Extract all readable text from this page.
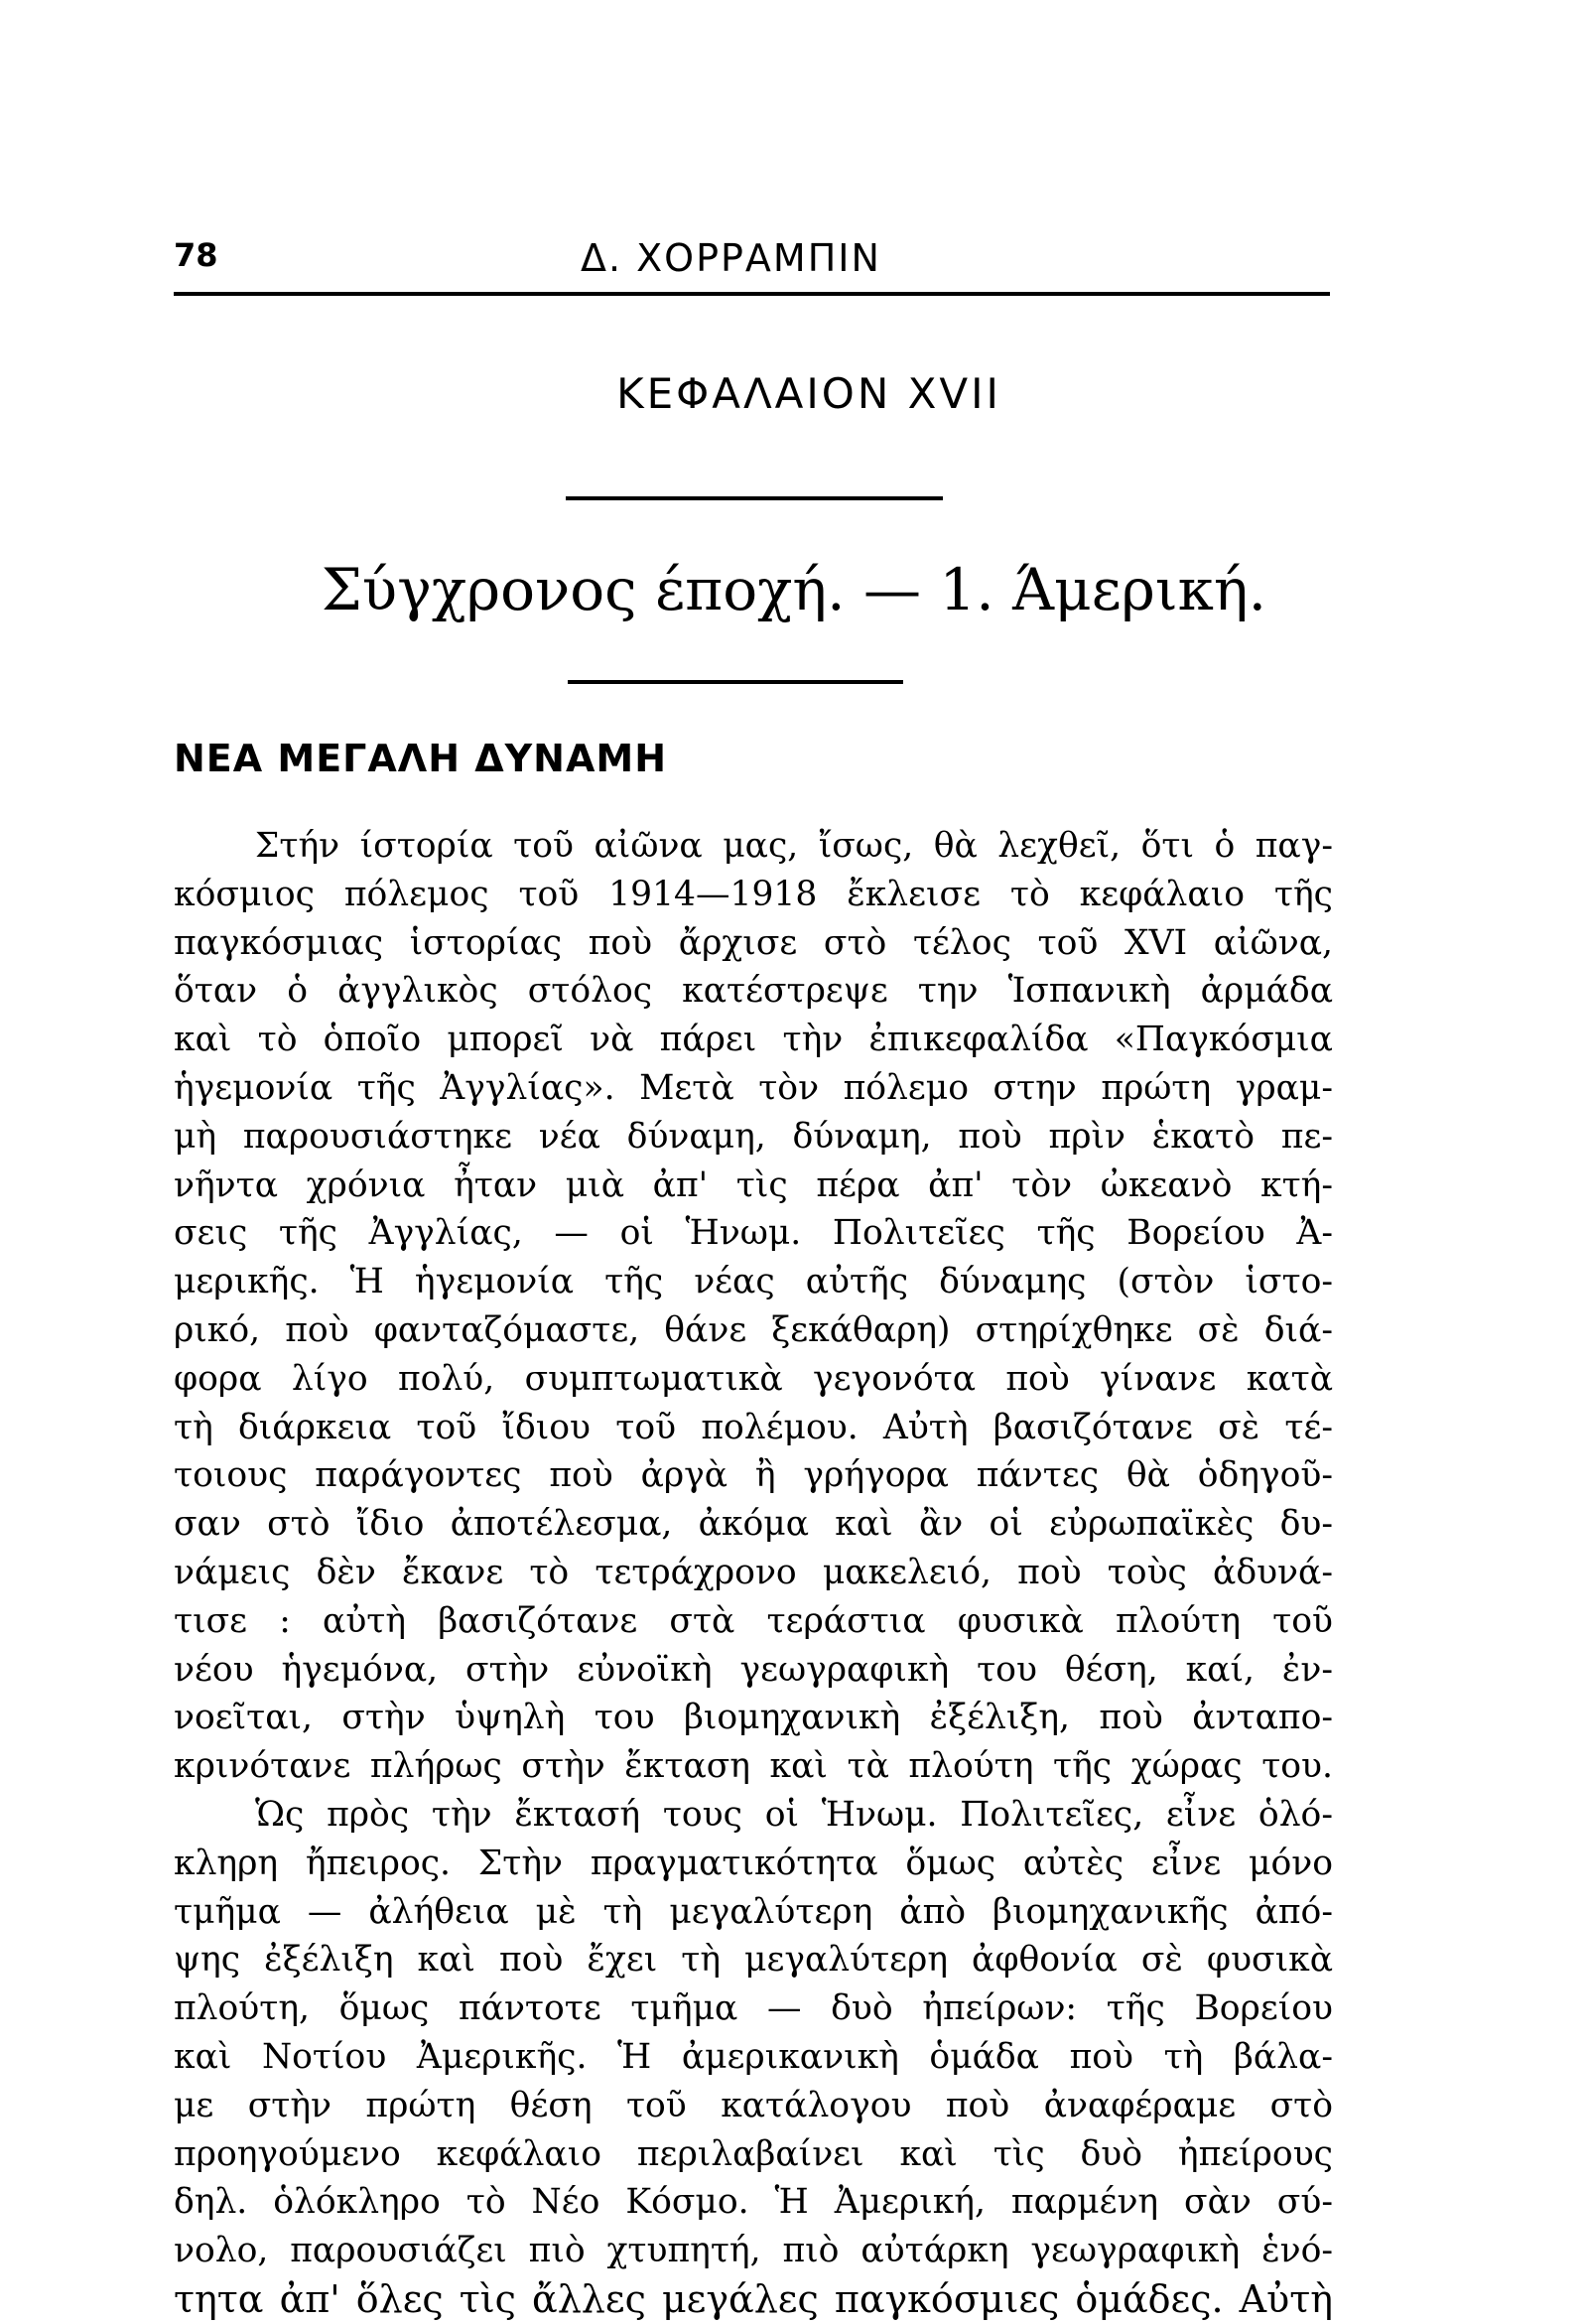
78	Δ. ΧΟΡΡΑΜΠΙΝ
ΚΕΦΑΛΑΙΟΝ ΧVΙΙ
Σύγχρονος έποχή. — 1. Άμερική.
ΝΕΑ ΜΕΓΑΛΗ ΔΥΝΑΜΗ
Στήν ίστορία τοῦ αἰῶνα μας, ἴσως, θὰ λεχθεῖ, ὅτι ὁ παγ-
κόσμιος πόλεμος τοῦ 1914—1918 ἔκλεισε τὸ κεφάλαιο τῆς
παγκόσμιας ἱστορίας ποὺ ἄρχισε στὸ τέλος τοῦ XVI αἰῶνα,
ὅταν ὁ ἀγγλικὸς στόλος κατέστρεψε την Ἱσπανικὴ ἀρμάδα
καὶ τὸ ὁποῖο μπορεῖ νὰ πάρει τὴν ἐπικεφαλίδα «Παγκόσμια
ἡγεμονία τῆς Ἀγγλίας». Μετὰ τὸν πόλεμο στην πρώτη γραμ-
μὴ παρουσιάστηκε νέα δύναμη, δύναμη, ποὺ πρὶν ἑκατὸ πε-
νῆντα χρόνια ἦταν μιὰ ἀπ' τὶς πέρα ἀπ' τὸν ὠκεανὸ κτή-
σεις τῆς Ἀγγλίας, — οἱ Ἡνωμ. Πολιτεῖες τῆς Βορείου Ἀ-
μερικῆς. Ἡ ἡγεμονία τῆς νέας αὐτῆς δύναμης (στὸν ἱστο-
ρικό, ποὺ φανταζόμαστε, θάνε ξεκάθαρη) στηρίχθηκε σὲ διά-
φορα λίγο πολύ, συμπτωματικὰ γεγονότα ποὺ γίνανε κατὰ
τὴ διάρκεια τοῦ ἴδιου τοῦ πολέμου. Αὐτὴ βασιζότανε σὲ τέ-
τοιους παράγοντες ποὺ ἀργὰ ἢ γρήγορα πάντες θὰ ὁδηγοῦ-
σαν στὸ ἴδιο ἀποτέλεσμα, ἀκόμα καὶ ἂν οἱ εὐρωπαϊκὲς δυ-
νάμεις δὲν ἔκανε τὸ τετράχρονο μακελειό, ποὺ τοὺς ἀδυνά-
τισε : αὐτὴ βασιζότανε στὰ τεράστια φυσικὰ πλούτη τοῦ
νέου ἡγεμόνα, στὴν εὐνοϊκὴ γεωγραφικὴ του θέση, καί, ἐν-
νοεῖται, στὴν ὑψηλὴ του βιομηχανικὴ ἐξέλιξη, ποὺ ἀνταπο-
κρινότανε πλήρως στὴν ἔκταση καὶ τὰ πλούτη τῆς χώρας του.
Ὡς πρὸς τὴν ἔκτασή τους οἱ Ἡνωμ. Πολιτεῖες, εἶνε ὁλό-
κληρη ἤπειρος. Στὴν πραγματικότητα ὅμως αὐτὲς εἶνε μόνο
τμῆμα — ἀλήθεια μὲ τὴ μεγαλύτερη ἀπὸ βιομηχανικῆς ἀπό-
ψης ἐξέλιξη καὶ ποὺ ἔχει τὴ μεγαλύτερη ἀφθονία σὲ φυσικὰ
πλούτη, ὅμως πάντοτε τμῆμα — δυὸ ἠπείρων: τῆς Βορείου
καὶ Νοτίου Ἀμερικῆς. Ἡ ἀμερικανικὴ ὁμάδα ποὺ τὴ βάλα-
με στὴν πρώτη θέση τοῦ κατάλογου ποὺ ἀναφέραμε στὸ
προηγούμενο κεφάλαιο περιλαβαίνει καὶ τὶς δυὸ ἠπείρους
δηλ. ὁλόκληρο τὸ Νέο Κόσμο. Ἡ Ἀμερική, παρμένη σὰν σύ-
νολο, παρουσιάζει πιὸ χτυπητή, πιὸ αὐτάρκη γεωγραφικὴ ἑνό-
τητα ἀπ' ὅλες τὶς ἄλλες μεγάλες παγκόσμιες ὁμάδες. Αὐτὴ
